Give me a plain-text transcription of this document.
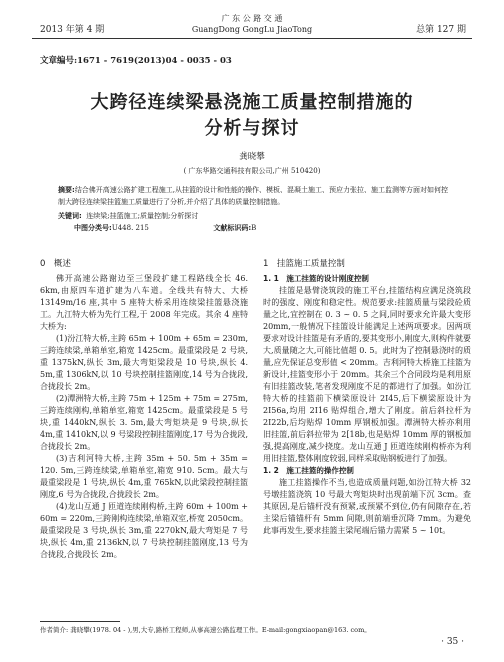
2013 年第 4 期
广 东 公 路 交 通
GuangDong GongLu JiaoTong	总第 127 期
文章编号:1671 - 7619(2013)04 - 0035 - 03
大跨径连续梁悬浇施工质量控制措施的
分析与探讨
龚晓攀
( 广东华路交通科技有限公司,广州 510420)
摘要:结合佛开高速公路扩建工程施工,从挂篮的设计和性能的操作、模板、混凝土施工、预应力张拉、施工监测等方面对如何控制大跨径连续梁挂篮施工质量进行了分析,并介绍了具体的质量控制措施。
关键词: 连续梁;挂篮施工;质量控制;分析探讨
中图分类号:U448. 215	文献标识码:B
0　概述

佛开高速公路谢边至三堡段扩建工程路线全长 46. 6km,由原四车道扩建为八车道。全线共有特大、大桥 13149m/16 座,其中 5 座特大桥采用连续梁挂篮悬浇施工。九江特大桥为先行工程,于 2008 年完成。其余 4 座特大桥为:

(1)汾江特大桥,主跨 65m + 100m + 65m = 230m,三跨连续梁,单箱单室,箱宽 1425cm。最重梁段是 2 号块,重 1375kN,纵长 3m,最大弯矩梁段是 10 号块,纵长 4. 5m,重 1306kN,以 10 号块控制挂篮刚度,14 号为合拢段,合拢段长 2m。

(2)潭洲特大桥,主跨 75m + 125m + 75m = 275m,三跨连续刚构,单箱单室,箱宽 1425cm。最重梁段是 5 号块,重 1440kN,纵长 3. 5m,最大弯矩块是 9 号块,纵长 4m,重 1410kN,以 9 号梁段控制挂篮刚度,17 号为合拢段,合拢段长 2m。

(3)吉利河特大桥,主跨 35m + 50. 5m + 35m = 120. 5m,三跨连续梁,单箱单室,箱宽 910. 5cm。最大与最重梁段是 1 号块,纵长 4m,重 765kN,以此梁段控制挂篮刚度,6 号为合拢段,合拢段长 2m。

(4)龙山互通 J 匝道连续刚构桥,主跨 60m + 100m + 60m = 220m,三跨刚构连续梁,单箱双室,桥宽 2050cm。最重梁段是 3 号块,纵长 3m,重 2270kN,最大弯矩是 7 号块,纵长 4m,重 2136kN,以 7 号块控制挂篮刚度,13 号为合拢段,合拢段长 2m。

1　挂篮施工质量控制
1. 1　施工挂篮的设计刚度控制

挂篮是悬臂浇筑段的施工平台,挂篮结构应满足浇筑段时的强度、刚度和稳定性。规范要求:挂篮质量与梁段砼质量之比,宜控制在 0. 3 ~ 0. 5 之间,同时要求允许最大变形 20mm,一般情况下挂篮设计能满足上述两项要求。因两项要求对设计挂篮是有矛盾的,要其变形小,刚度大,则构件就要大,质量随之大,可能比值超 0. 5。此时为了控制悬浇时的质量,应先保证总变形值 < 20mm。吉利河特大桥施工挂篮为新设计,挂篮变形小于 20mm。其余三个合同段均是利用原有旧挂篮改装,笔者发现刚度不足的都进行了加强。如汾江特大桥的挂篮前下横梁原设计 2I45,后下横梁原设计为 2I56a,均用 2I16 贴焊组合,增大了刚度。前后斜拉杆为 2I22b,后均贴焊 10mm 厚钢板加强。潭洲特大桥亦利用旧挂篮,前后斜拉带为 2[18b,也是贴焊 10mm 厚的钢板加强,提高刚度,减少挠度。龙山互通 J 匝道连续刚构桥亦为利用旧挂篮,整体刚度较弱,同样采取贴钢板进行了加强。

1. 2　施工挂篮的操作控制

施工挂篮操作不当,也造成质量问题,如汾江特大桥 32 号墩挂篮浇筑 10 号最大弯矩块时出现前端下沉 3cm。查其原因,是后锚杆没有预紧,或预紧不到位,仍有间隙存在,若主梁后锚锚杆有 5mm 间隙,则前端垂沉降 7mm。为避免此事再发生,要求挂篮主梁尾端后锚力需紧 5 ~ 10t。

作者简介: 龚晓攀(1978. 04 - ),男,大专,路桥工程师,从事高速公路监理工作。E-mail:gongxiaopan@163. com。
· 35 ·
